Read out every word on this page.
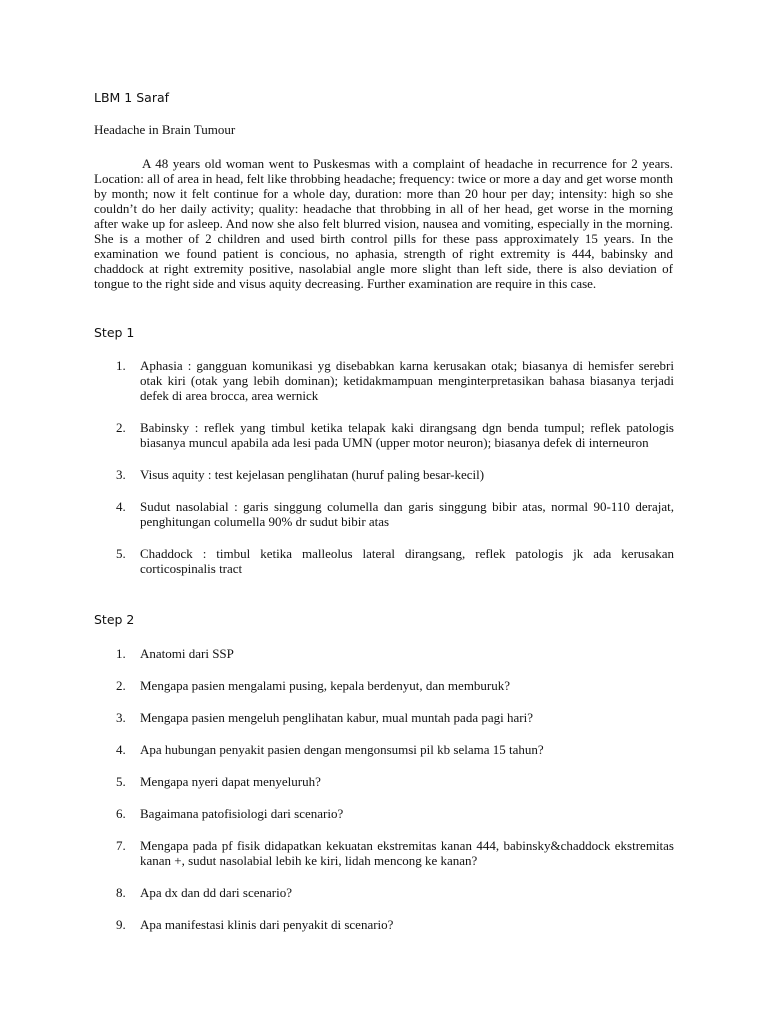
LBM 1 Saraf
Headache in Brain Tumour

A 48 years old woman went to Puskesmas with a complaint of headache in recurrence for 2 years. Location: all of area in head, felt like throbbing headache; frequency: twice or more a day and get worse month by month; now it felt continue for a whole day, duration: more than 20 hour per day; intensity: high so she couldn’t do her daily activity; quality: headache that throbbing in all of her head, get worse in the morning after wake up for asleep. And now she also felt blurred vision, nausea and vomiting, especially in the morning. She is a mother of 2 children and used birth control pills for these pass approximately 15 years. In the examination we found patient is concious, no aphasia, strength of right extremity is 444, babinsky and chaddock at right extremity positive, nasolabial angle more slight than left side, there is also deviation of tongue to the right side and visus aquity decreasing. Further examination are require in this case.

Step 1
1. Aphasia : gangguan komunikasi yg disebabkan karna kerusakan otak; biasanya di hemisfer serebri otak kiri (otak yang lebih dominan); ketidakmampuan menginterpretasikan bahasa biasanya terjadi defek di area brocca, area wernick
2. Babinsky : reflek yang timbul ketika telapak kaki dirangsang dgn benda tumpul; reflek patologis biasanya muncul apabila ada lesi pada UMN (upper motor neuron); biasanya defek di interneuron
3. Visus aquity : test kejelasan penglihatan (huruf paling besar-kecil)
4. Sudut nasolabial : garis singgung columella dan garis singgung bibir atas, normal 90-110 derajat, penghitungan columella 90% dr sudut bibir atas
5. Chaddock : timbul ketika malleolus lateral dirangsang, reflek patologis jk ada kerusakan corticospinalis tract
Step 2
1. Anatomi dari SSP
2. Mengapa pasien mengalami pusing, kepala berdenyut, dan memburuk?
3. Mengapa pasien mengeluh penglihatan kabur, mual muntah pada pagi hari?
4. Apa hubungan penyakit pasien dengan mengonsumsi pil kb selama 15 tahun?
5. Mengapa nyeri dapat menyeluruh?
6. Bagaimana patofisiologi dari scenario?
7. Mengapa pada pf fisik didapatkan kekuatan ekstremitas kanan 444, babinsky&chaddock ekstremitas kanan +, sudut nasolabial lebih ke kiri, lidah mencong ke kanan?
8. Apa dx dan dd dari scenario?
9. Apa manifestasi klinis dari penyakit di scenario?
